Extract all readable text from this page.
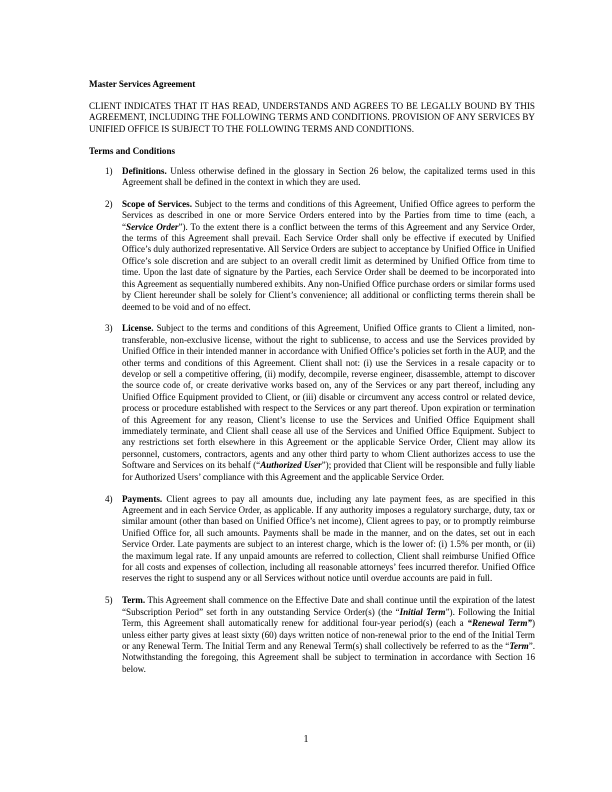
Master Services Agreement

CLIENT INDICATES THAT IT HAS READ, UNDERSTANDS AND AGREES TO BE LEGALLY BOUND BY THIS AGREEMENT, INCLUDING THE FOLLOWING TERMS AND CONDITIONS. PROVISION OF ANY SERVICES BY UNIFIED OFFICE IS SUBJECT TO THE FOLLOWING TERMS AND CONDITIONS.

Terms and Conditions

1) Definitions. Unless otherwise defined in the glossary in Section 26 below, the capitalized terms used in this Agreement shall be defined in the context in which they are used.
2) Scope of Services. Subject to the terms and conditions of this Agreement, Unified Office agrees to perform the Services as described in one or more Service Orders entered into by the Parties from time to time (each, a “Service Order”). To the extent there is a conflict between the terms of this Agreement and any Service Order, the terms of this Agreement shall prevail. Each Service Order shall only be effective if executed by Unified Office’s duly authorized representative. All Service Orders are subject to acceptance by Unified Office in Unified Office’s sole discretion and are subject to an overall credit limit as determined by Unified Office from time to time. Upon the last date of signature by the Parties, each Service Order shall be deemed to be incorporated into this Agreement as sequentially numbered exhibits. Any non-Unified Office purchase orders or similar forms used by Client hereunder shall be solely for Client’s convenience; all additional or conflicting terms therein shall be deemed to be void and of no effect.
3) License. Subject to the terms and conditions of this Agreement, Unified Office grants to Client a limited, non-transferable, non-exclusive license, without the right to sublicense, to access and use the Services provided by Unified Office in their intended manner in accordance with Unified Office’s policies set forth in the AUP, and the other terms and conditions of this Agreement. Client shall not: (i) use the Services in a resale capacity or to develop or sell a competitive offering, (ii) modify, decompile, reverse engineer, disassemble, attempt to discover the source code of, or create derivative works based on, any of the Services or any part thereof, including any Unified Office Equipment provided to Client, or (iii) disable or circumvent any access control or related device, process or procedure established with respect to the Services or any part thereof. Upon expiration or termination of this Agreement for any reason, Client’s license to use the Services and Unified Office Equipment shall immediately terminate, and Client shall cease all use of the Services and Unified Office Equipment. Subject to any restrictions set forth elsewhere in this Agreement or the applicable Service Order, Client may allow its personnel, customers, contractors, agents and any other third party to whom Client authorizes access to use the Software and Services on its behalf (“Authorized User”); provided that Client will be responsible and fully liable for Authorized Users’ compliance with this Agreement and the applicable Service Order.
4) Payments. Client agrees to pay all amounts due, including any late payment fees, as are specified in this Agreement and in each Service Order, as applicable. If any authority imposes a regulatory surcharge, duty, tax or similar amount (other than based on Unified Office’s net income), Client agrees to pay, or to promptly reimburse Unified Office for, all such amounts. Payments shall be made in the manner, and on the dates, set out in each Service Order. Late payments are subject to an interest charge, which is the lower of: (i) 1.5% per month, or (ii) the maximum legal rate. If any unpaid amounts are referred to collection, Client shall reimburse Unified Office for all costs and expenses of collection, including all reasonable attorneys’ fees incurred therefor. Unified Office reserves the right to suspend any or all Services without notice until overdue accounts are paid in full.
5) Term. This Agreement shall commence on the Effective Date and shall continue until the expiration of the latest “Subscription Period” set forth in any outstanding Service Order(s) (the “Initial Term”). Following the Initial Term, this Agreement shall automatically renew for additional four-year period(s) (each a “Renewal Term”) unless either party gives at least sixty (60) days written notice of non-renewal prior to the end of the Initial Term or any Renewal Term. The Initial Term and any Renewal Term(s) shall collectively be referred to as the “Term”. Notwithstanding the foregoing, this Agreement shall be subject to termination in accordance with Section 16 below.
1
